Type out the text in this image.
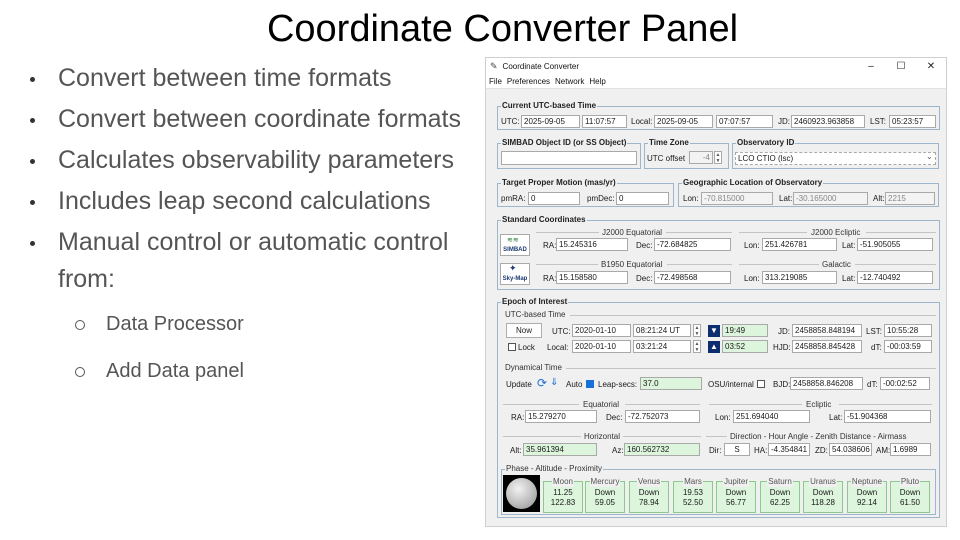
Coordinate Converter Panel
Convert between time formats
Convert between coordinate formats
Calculates observability parameters
Includes leap second calculations
Manual control or automatic control from:
Data Processor
Add Data panel
✎ Coordinate Converter	–	☐	✕
File Preferences Network Help
Current UTC-based Time
UTC: 2025-09-05	11:07:57	Local: 2025-09-05	07:07:57	JD: 2460923.963858	LST: 05:23:57
SIMBAD Object ID (or SS Object)	Time Zone
UTC offset	-4	▲
▼
Observatory ID
LCO CTIO (lsc)	⌄
Target Proper Motion (mas/yr)
pmRA: 0	pmDec: 0
Geographic Location of Observatory
Lon: -70.815000	Lat: -30.165000	Alt: 2215
Standard Coordinates
SIMBAD
Sky-Map
≋≋
✦
J2000 Equatorial
RA: 15.245316	Dec: -72.684825
J2000 Ecliptic
Lon: 251.426781	Lat: -51.905055
B1950 Equatorial
RA: 15.158580	Dec: -72.498568
Galactic
Lon: 313.219085	Lat: -12.740492
Epoch of Interest
UTC-based Time
Now
Lock
UTC: 2020-01-10	08:21:24 UT	▲
▼
Local: 2020-01-10	03:21:24	▲
▼
▼ 19:49
▲ 03:52
JD: 2458858.848194	LST: 10:55:28
HJD: 2458858.845428	dT: -00:03:59
Dynamical Time
Update ⟳ ⇓ Auto Leap-secs: 37.0	OSU/internal BJD: 2458858.846208	dT: -00:02:52
Equatorial
RA: 15.279270	Dec: -72.752073
Ecliptic
Lon: 251.694040	Lat: -51.904368
Horizontal
Alt: 35.961394	Az: 160.562732
Direction - Hour Angle - Zenith Distance - Airmass
Dir:	S	HA: -4.354841 ZD: 54.038606 AM: 1.6989
Phase - Altitude - Proximity
Moon
11.25
122.83
Mercury
Down
59.05
Venus
Down
78.94
Mars
19.53
52.50
Jupiter
Down
56.77
Saturn
Down
62.25
Uranus
Down
118.28
Neptune
Down
92.14
Pluto
Down
61.50
